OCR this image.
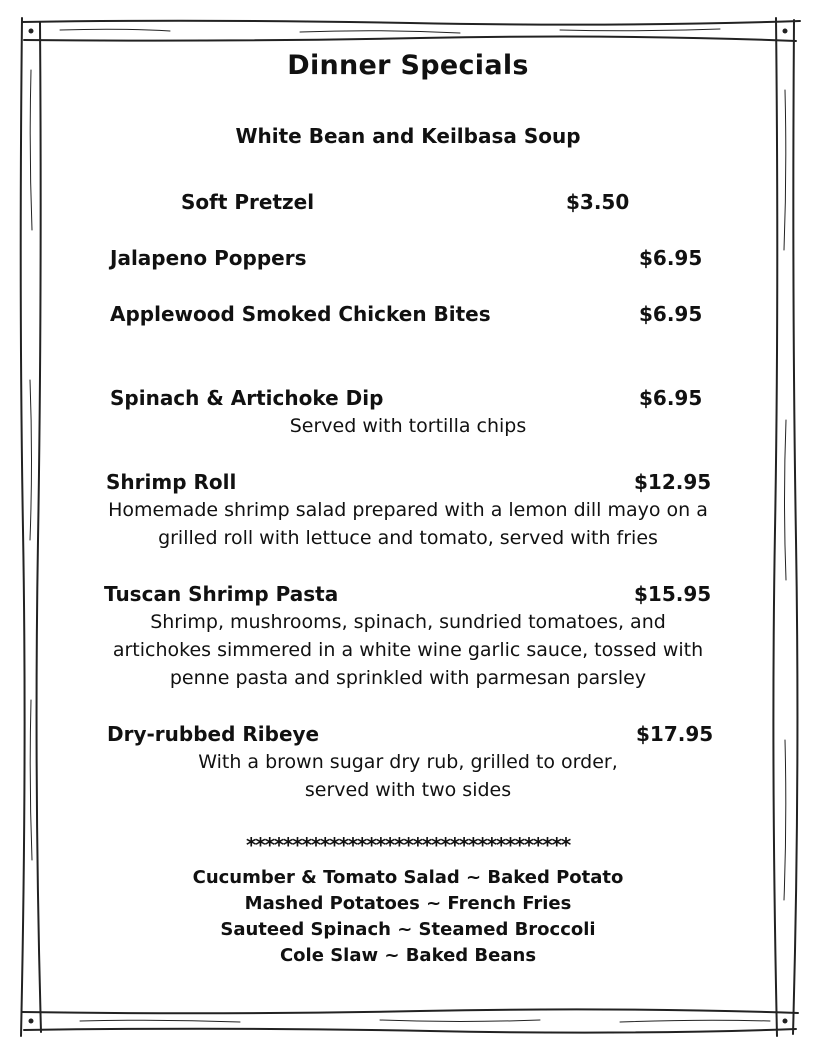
Dinner Specials

White Bean and Keilbasa Soup

Soft Pretzel	$3.50

Jalapeno Poppers	$6.95

Applewood Smoked Chicken Bites	$6.95

Spinach & Artichoke Dip	$6.95

Served with tortilla chips

Shrimp Roll	$12.95

Homemade shrimp salad prepared with a lemon dill mayo on a

grilled roll with lettuce and tomato, served with fries

Tuscan Shrimp Pasta	$15.95

Shrimp, mushrooms, spinach, sundried tomatoes, and

artichokes simmered in a white wine garlic sauce, tossed with

penne pasta and sprinkled with parmesan parsley

Dry-rubbed Ribeye	$17.95

With a brown sugar dry rub, grilled to order,

served with two sides

***********************************

Cucumber & Tomato Salad ~ Baked Potato

Mashed Potatoes ~ French Fries

Sauteed Spinach ~ Steamed Broccoli

Cole Slaw ~ Baked Beans
